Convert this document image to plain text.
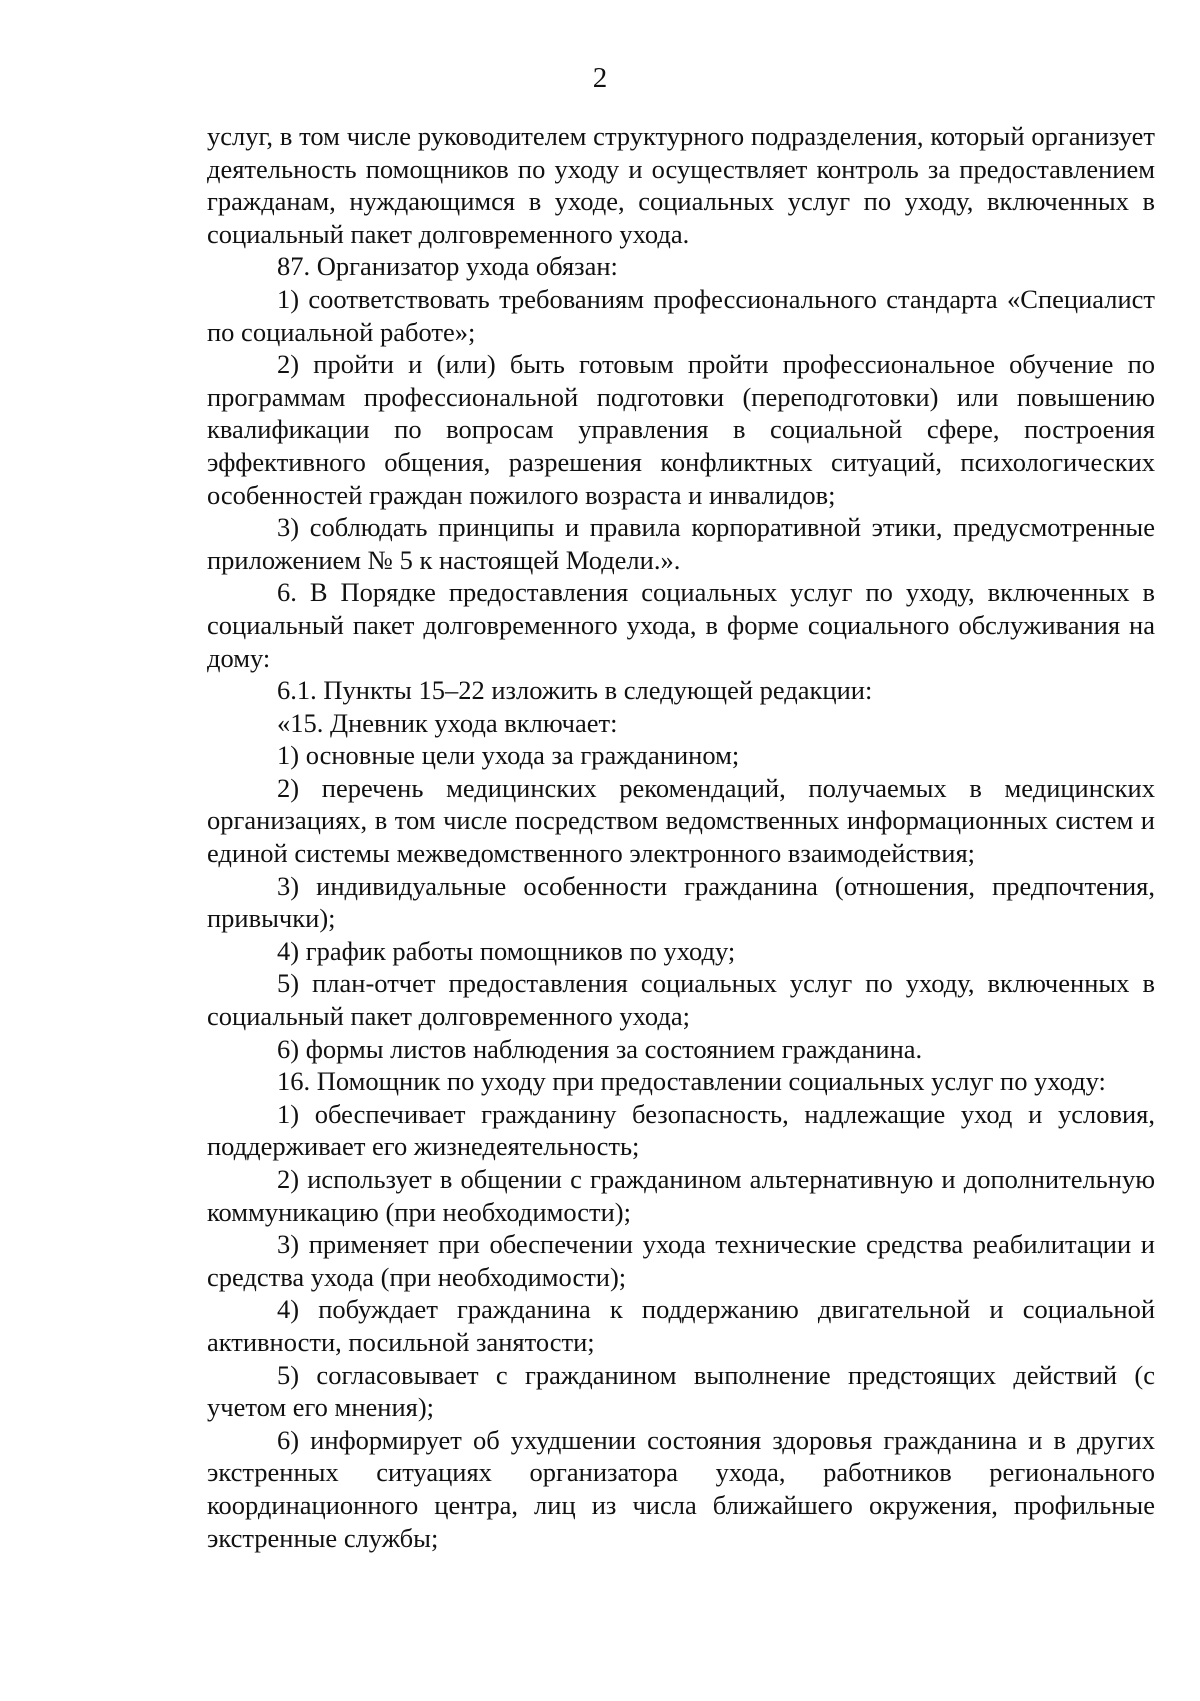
2

услуг, в том числе руководителем структурного подразделения, который организует деятельность помощников по уходу и осуществляет контроль за предоставлением гражданам, нуждающимся в уходе, социальных услуг по уходу, включенных в социальный пакет долговременного ухода.

87. Организатор ухода обязан:

1) соответствовать требованиям профессионального стандарта «Специалист по социальной работе»;

2) пройти и (или) быть готовым пройти профессиональное обучение по программам профессиональной подготовки (переподготовки) или повышению квалификации по вопросам управления в социальной сфере, построения эффективного общения, разрешения конфликтных ситуаций, психологических особенностей граждан пожилого возраста и инвалидов;

3) соблюдать принципы и правила корпоративной этики, предусмотренные приложением № 5 к настоящей Модели.».

6. В Порядке предоставления социальных услуг по уходу, включенных в социальный пакет долговременного ухода, в форме социального обслуживания на дому:

6.1. Пункты 15–22 изложить в следующей редакции:

«15. Дневник ухода включает:

1) основные цели ухода за гражданином;

2) перечень медицинских рекомендаций, получаемых в медицинских организациях, в том числе посредством ведомственных информационных систем и единой системы межведомственного электронного взаимодействия;

3) индивидуальные особенности гражданина (отношения, предпочтения, привычки);

4) график работы помощников по уходу;

5) план-отчет предоставления социальных услуг по уходу, включенных в социальный пакет долговременного ухода;

6) формы листов наблюдения за состоянием гражданина.

16. Помощник по уходу при предоставлении социальных услуг по уходу:

1) обеспечивает гражданину безопасность, надлежащие уход и условия, поддерживает его жизнедеятельность;

2) использует в общении с гражданином альтернативную и дополнительную коммуникацию (при необходимости);

3) применяет при обеспечении ухода технические средства реабилитации и средства ухода (при необходимости);

4) побуждает гражданина к поддержанию двигательной и социальной активности, посильной занятости;

5) согласовывает с гражданином выполнение предстоящих действий (с учетом его мнения);

6) информирует об ухудшении состояния здоровья гражданина и в других экстренных ситуациях организатора ухода, работников регионального координационного центра, лиц из числа ближайшего окружения, профильные экстренные службы;
